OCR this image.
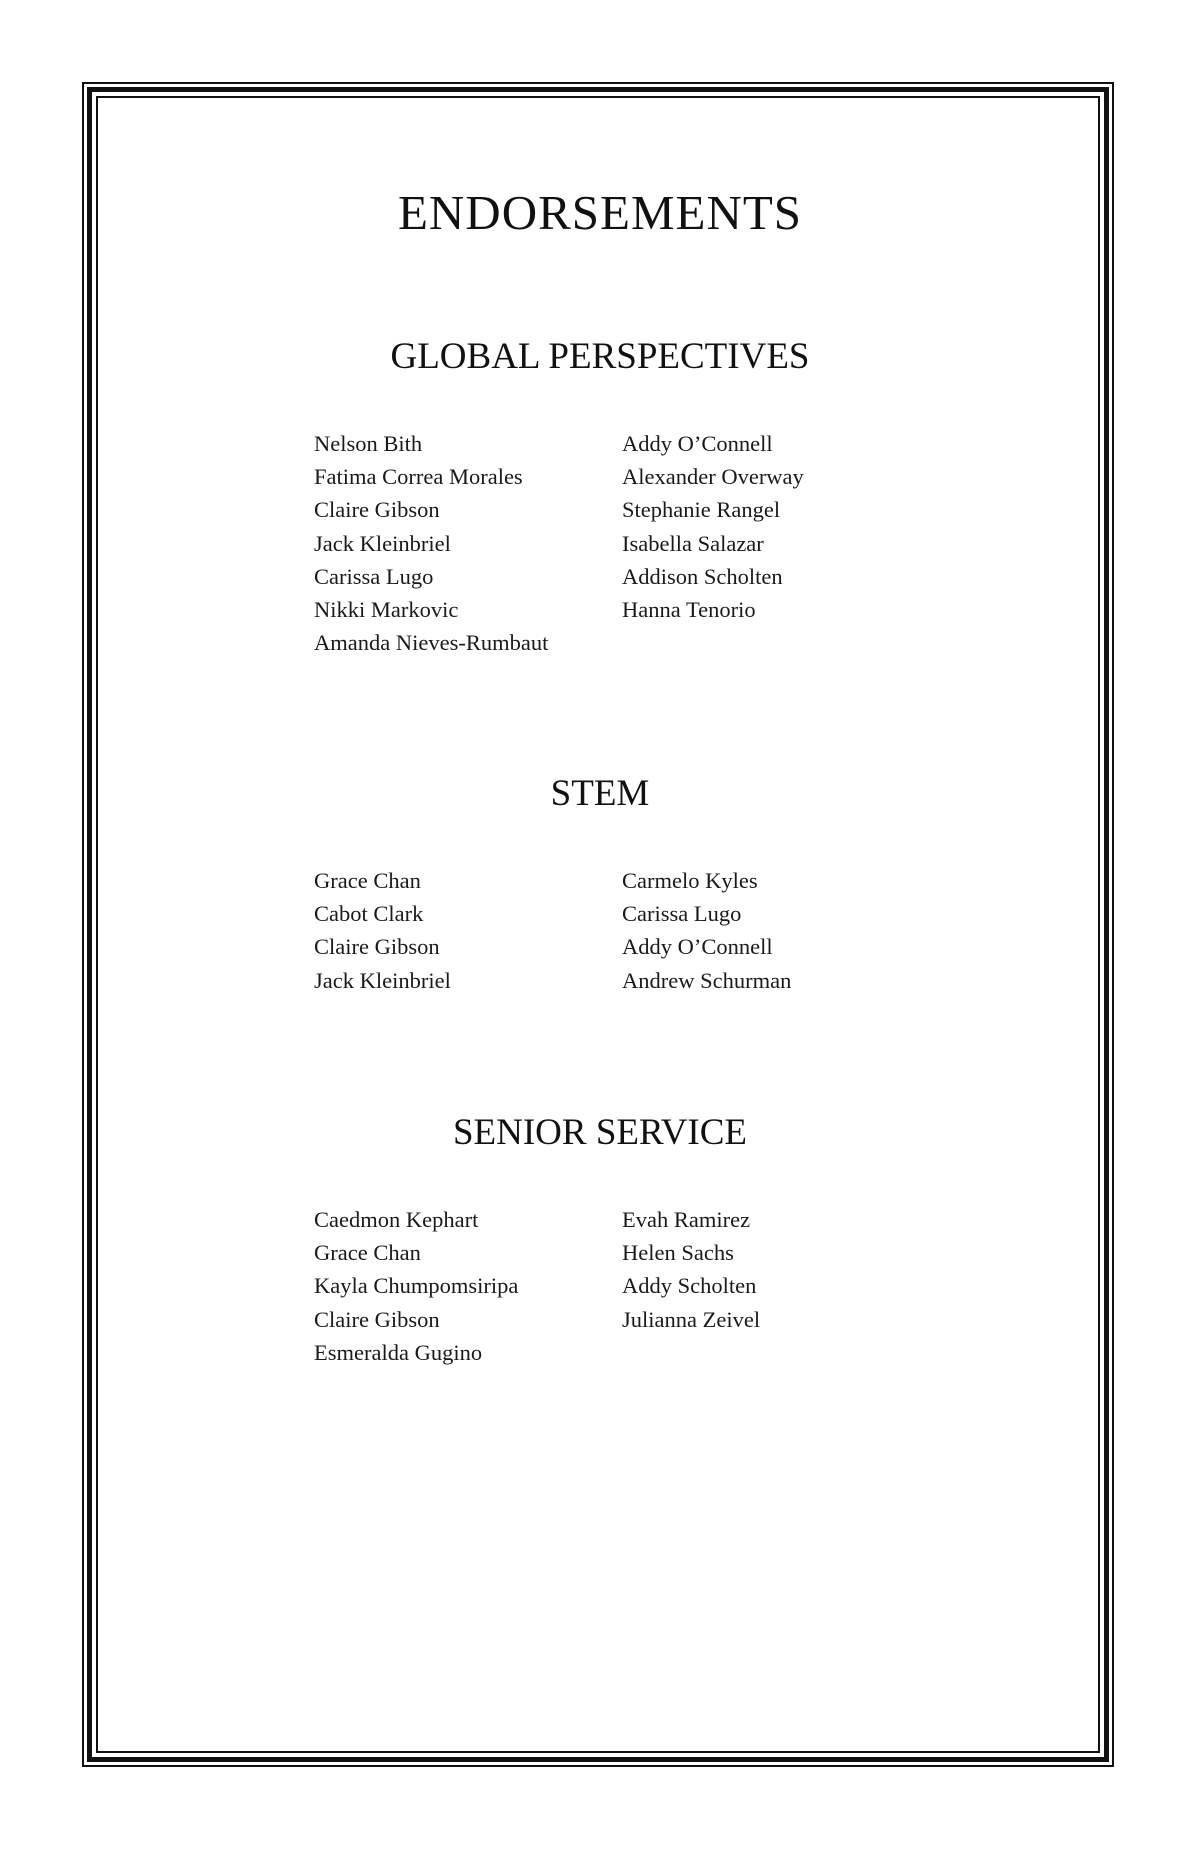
ENDORSEMENTS
GLOBAL PERSPECTIVES
Nelson Bith
Fatima Correa Morales
Claire Gibson
Jack Kleinbriel
Carissa Lugo
Nikki Markovic
Amanda Nieves-Rumbaut
Addy O’Connell
Alexander Overway
Stephanie Rangel
Isabella Salazar
Addison Scholten
Hanna Tenorio
STEM
Grace Chan
Cabot Clark
Claire Gibson
Jack Kleinbriel
Carmelo Kyles
Carissa Lugo
Addy O’Connell
Andrew Schurman
SENIOR SERVICE
Caedmon Kephart
Grace Chan
Kayla Chumpomsiripa
Claire Gibson
Esmeralda Gugino
Evah Ramirez
Helen Sachs
Addy Scholten
Julianna Zeivel
